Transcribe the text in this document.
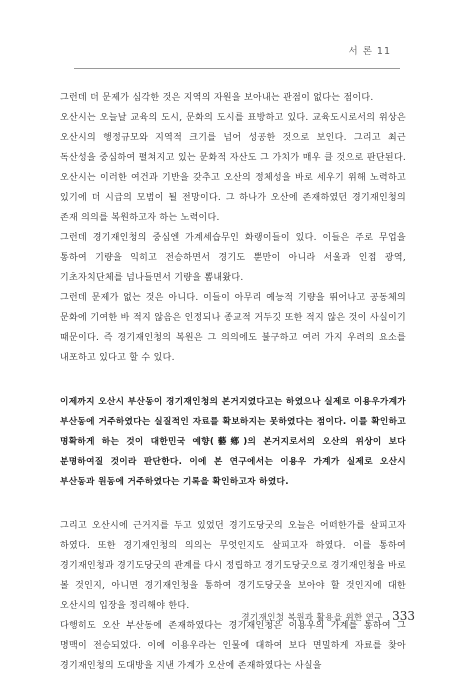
서 론 11

그런데 더 문제가 심각한 것은 지역의 자원을 보아내는 관점이 없다는 점이다.

오산시는 오늘날 교육의 도시, 문화의 도시를 표방하고 있다. 교육도시로서의 위상은 오산시의 행정규모와 지역적 크기를 넘어 성공한 것으로 보인다. 그리고 최근 독산성을 중심하여 펼쳐지고 있는 문화적 자산도 그 가치가 매우 클 것으로 판단된다. 오산시는 이러한 여건과 기반을 갖추고 오산의 정체성을 바로 세우기 위해 노력하고 있기에 더 시급의 모범이 될 전망이다. 그 하나가 오산에 존재하였던 경기재인청의 존재 의의를 복원하고자 하는 노력이다.

그런데 경기재인청의 중심엔 가계세습무인 화랭이들이 있다. 이들은 주로 무업을 통하여 기량을 익히고 전승하면서 경기도 뿐만이 아니라 서울과 인접 광역, 기초자치단체를 넘나들면서 기량을 뽐내왔다.

그런데 문제가 없는 것은 아니다. 이들이 아무리 예능적 기량을 뛰어나고 공동체의 문화에 기여한 바 적지 않음은 인정되나 종교적 거두깃 또한 적지 않은 것이 사실이기 때문이다. 즉 경기재인청의 복원은 그 의의에도 불구하고 여러 가지 우려의 요소를 내포하고 있다고 할 수 있다.

이제까지 오산시 부산동이 경기재인청의 본거지였다고는 하였으나 실제로 이용우가계가 부산동에 거주하였다는 실질적인 자료를 확보하지는 못하였다는 점이다. 이를 확인하고 명확하게 하는 것이 대한민국 예향(藝鄕)의 본거지로서의 오산의 위상이 보다 분명하여질 것이라 판단한다. 이에 본 연구에서는 이용우 가계가 실제로 오산시 부산동과 원동에 거주하였다는 기록을 확인하고자 하였다.

그리고 오산시에 근거지를 두고 있었던 경기도당굿의 오늘은 어떠한가를 살피고자 하였다. 또한 경기재인청의 의의는 무엇인지도 살피고자 하였다. 이를 통하여 경기재인청과 경기도당굿의 관계를 다시 정립하고 경기도당굿으로 경기재인청을 바로 볼 것인지, 아니면 경기재인청을 통하여 경기도당굿을 보아야 할 것인지에 대한 오산시의 입장을 정리해야 한다.

다행히도 오산 부산동에 존재하였다는 경기재인청은 이용우의 가계를 통하여 그 명맥이 전승되었다. 이에 이용우라는 인물에 대하여 보다 면밀하게 자료를 찾아 경기재인청의 도대방을 지낸 가계가 오산에 존재하였다는 사실을

경기재인청 복원과 활용을 위한 연구 333
